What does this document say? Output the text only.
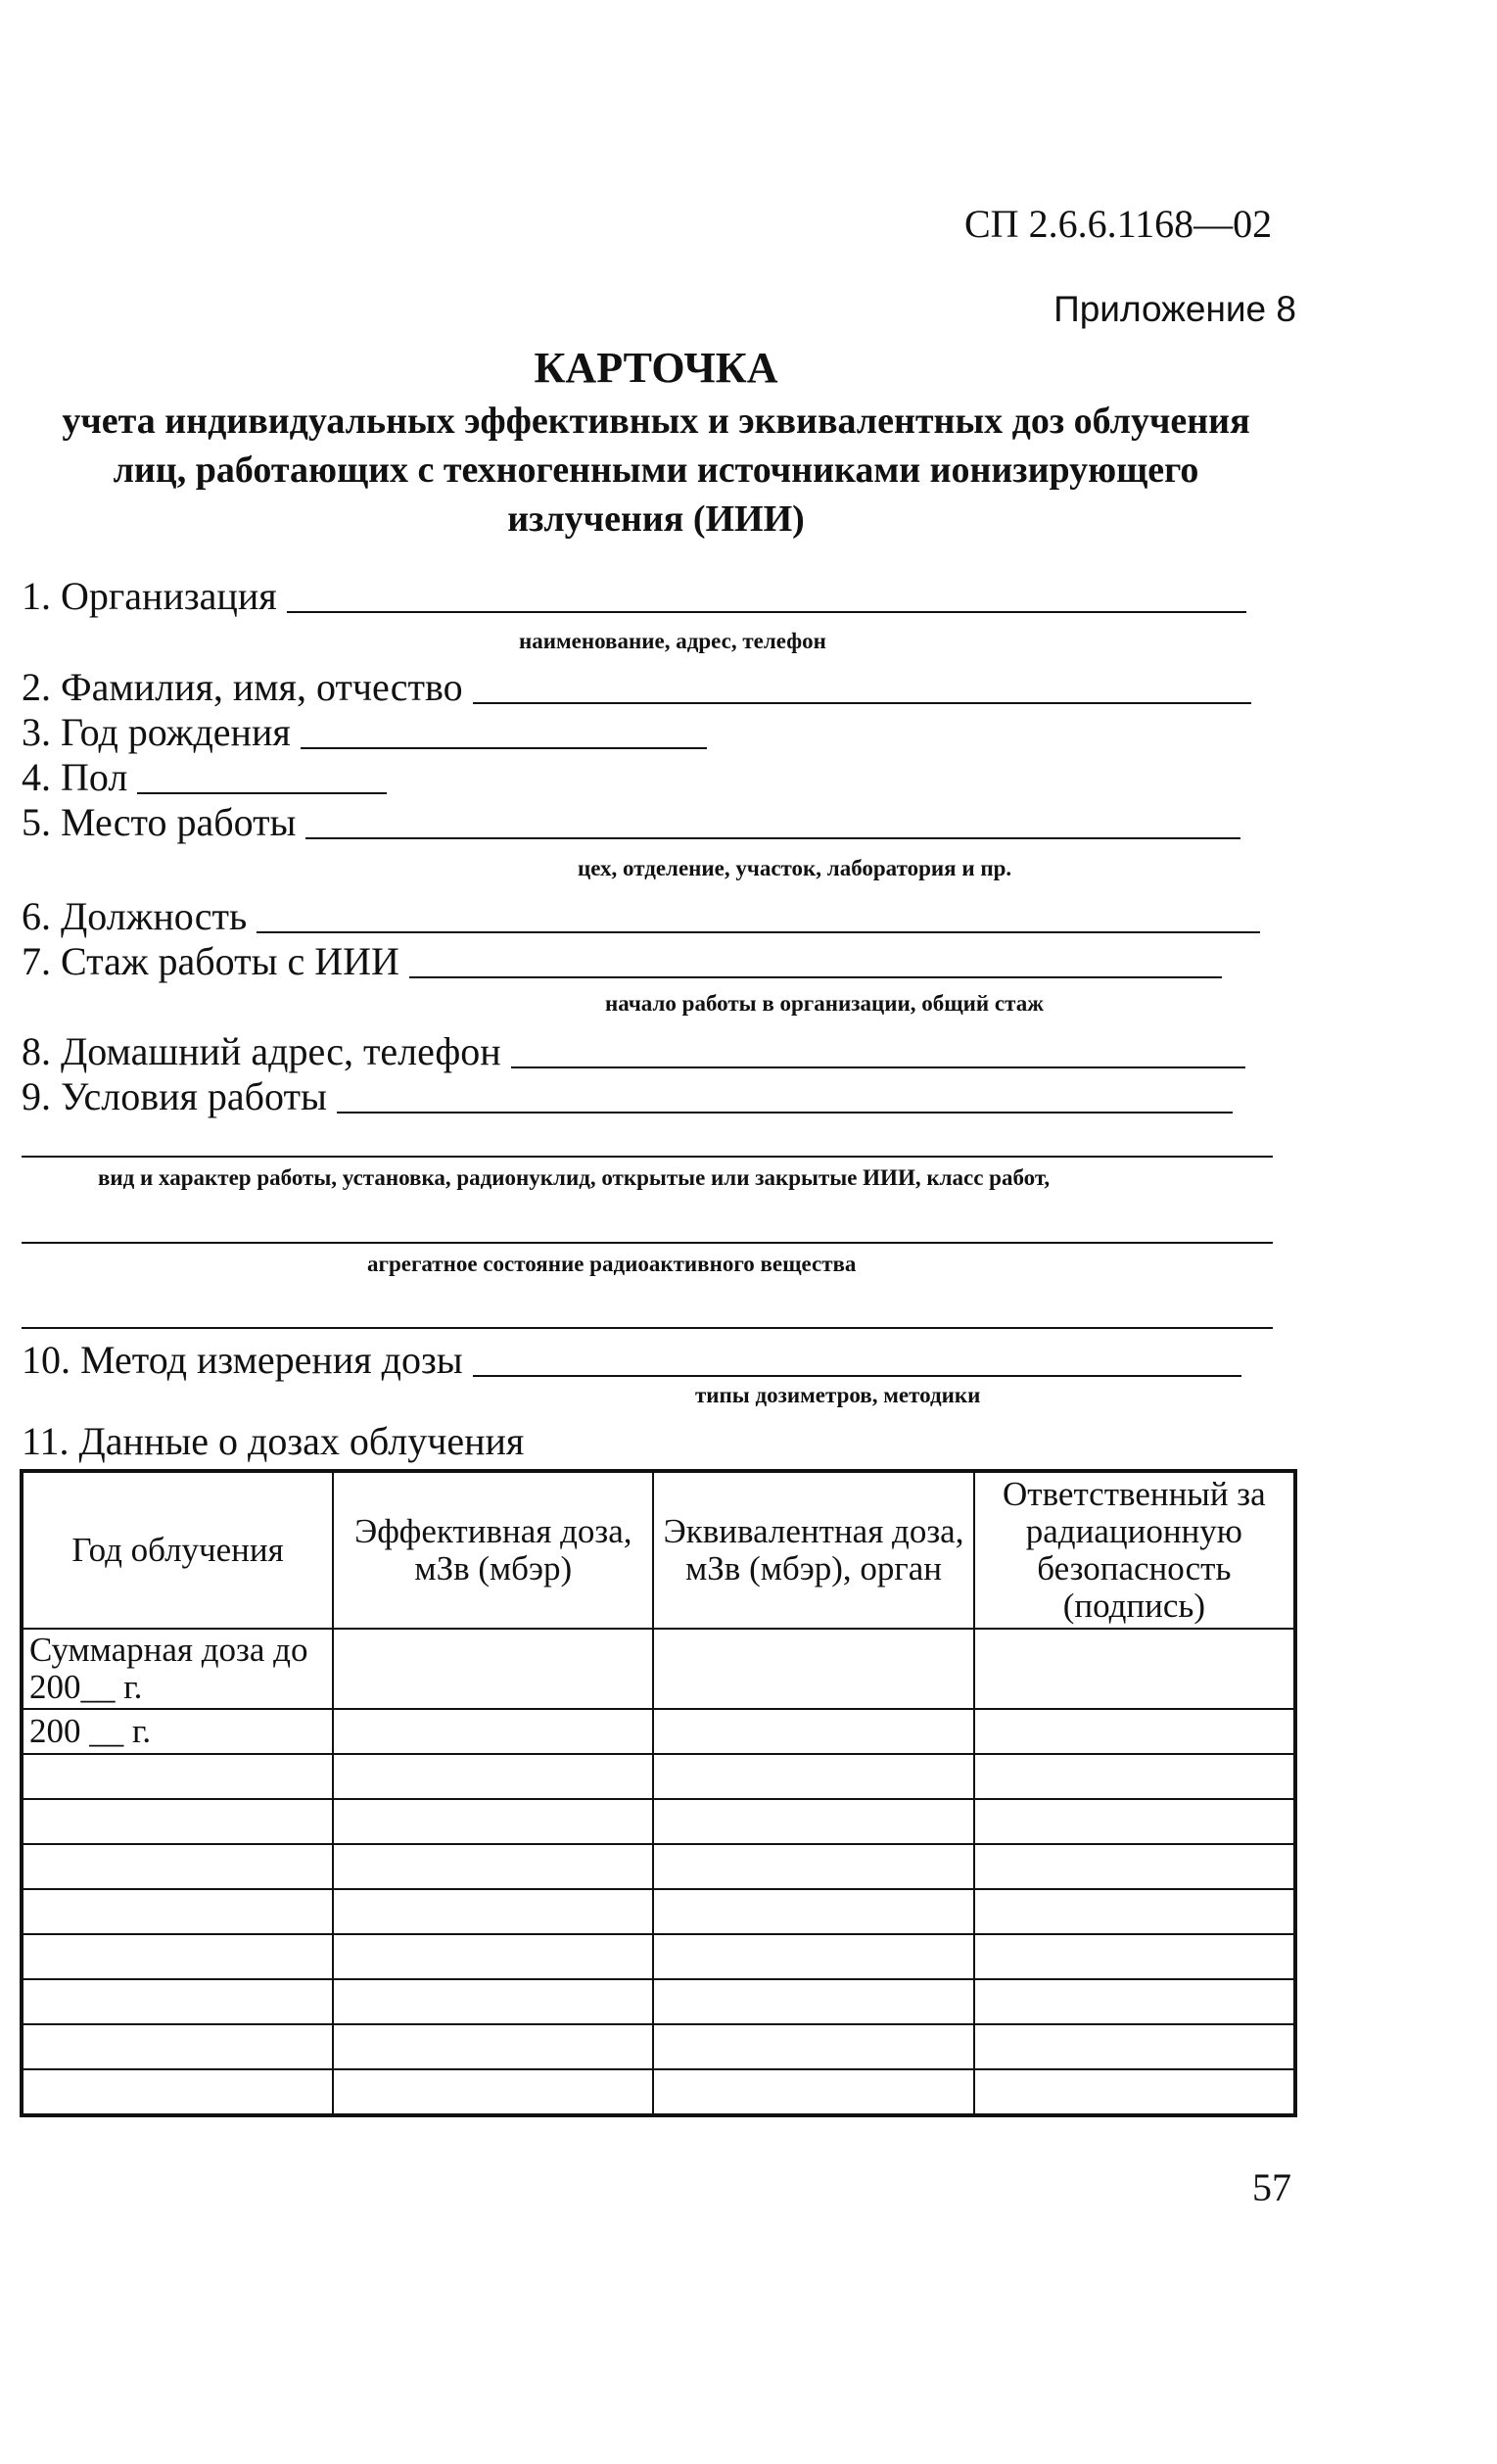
СП 2.6.6.1168—02
Приложение 8
КАРТОЧКА
учета индивидуальных эффективных и эквивалентных доз облучения лиц, работающих с техногенными источниками ионизирующего излучения (ИИИ)
1. Организация
наименование, адрес, телефон
2. Фамилия, имя, отчество
3. Год рождения
4. Пол
5. Место работы
цех, отделение, участок, лаборатория и пр.
6. Должность
7. Стаж работы с ИИИ
начало работы в организации, общий стаж
8. Домашний адрес, телефон
9. Условия работы
вид и характер работы, установка, радионуклид, открытые или закрытые ИИИ, класс работ,
агрегатное состояние радиоактивного вещества
10. Метод измерения дозы
типы дозиметров, методики
11. Данные о дозах облучения
Год облучения	Эффективная доза, мЗв (мбэр)	Эквивалентная доза, мЗв (мбэр), орган	Ответственный за радиационную безопасность (подпись)
Суммарная доза до 200__ г.			
200 __ г.			

57
